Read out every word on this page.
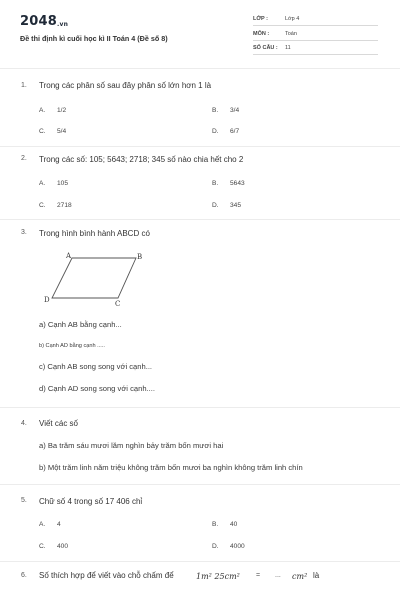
2048.vn
Đề thi định kì cuối học kì II Toán 4 (Đề số 8)
LỚP :	Lớp 4
MÔN :	Toán
SỐ CÂU : 11
1. Trong các phân số sau đây phân số lớn hơn 1 là
A. 1/2	B. 3/4
C. 5/4	D. 6/7
2. Trong các số: 105; 5643; 2718; 345 số nào chia hết cho 2
A. 105	B. 5643
C. 2718	D. 345
3. Trong hình bình hành ABCD có
A	B
C
D
a) Cạnh AB bằng cạnh...
b) Cạnh AD bằng cạnh .....
c) Cạnh AB song song với cạnh...
d) Cạnh AD song song với cạnh....
4. Viết các số
a) Ba trăm sáu mươi lăm nghìn bảy trăm bốn mươi hai
b) Một trăm linh năm triệu không trăm bốn mươi ba nghìn không trăm linh chín
5. Chữ số 4 trong số 17 406 chỉ
A. 4	B. 40
C. 400	D. 4000
6. Số thích hợp để viết vào chỗ chấm để	1m² 25cm² = ... cm² là
